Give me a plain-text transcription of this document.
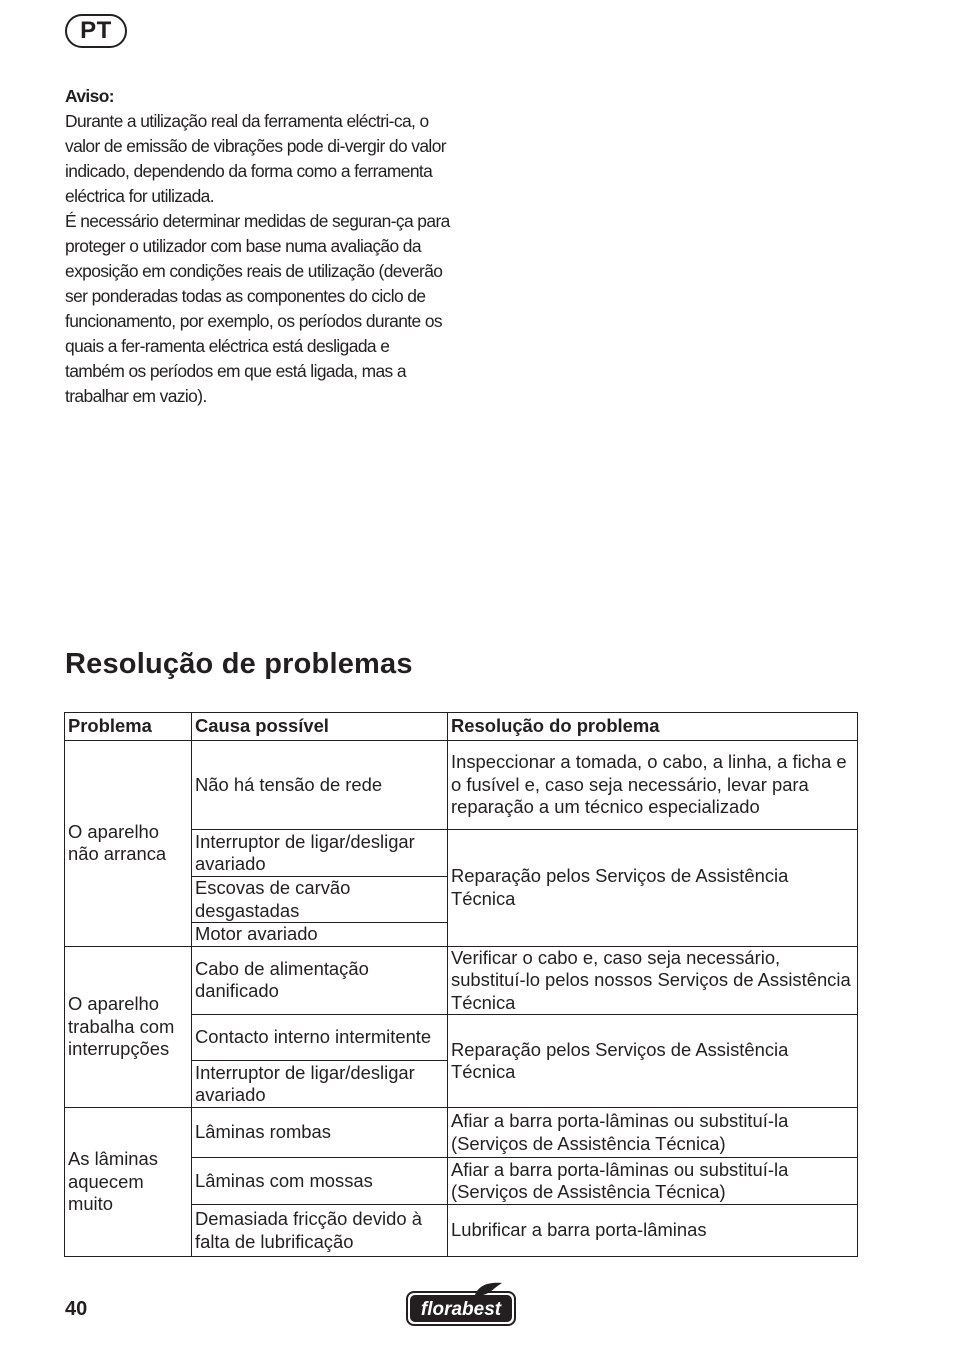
PT
Aviso:

Durante a utilização real da ferramenta eléctri-ca, o valor de emissão de vibrações pode di-vergir do valor indicado, dependendo da forma como a ferramenta eléctrica for utilizada.

É necessário determinar medidas de seguran-ça para proteger o utilizador com base numa avaliação da exposição em condições reais de utilização (deverão ser ponderadas todas as componentes do ciclo de funcionamento, por exemplo, os períodos durante os quais a fer-ramenta eléctrica está desligada e também os períodos em que está ligada, mas a trabalhar em vazio).

Resolução de problemas
Problema	Causa possível	Resolução do problema
O aparelho não arranca	Não há tensão de rede	Inspeccionar a tomada, o cabo, a linha, a ficha e o fusível e, caso seja necessário, levar para reparação a um técnico especializado
	Interruptor de ligar/desligar avariado	Reparação pelos Serviços de Assistência Técnica
	Escovas de carvão desgastadas	
	Motor avariado	
O aparelho trabalha com interrupções	Cabo de alimentação danificado	Verificar o cabo e, caso seja necessário, substituí-lo pelos nossos Serviços de Assistência Técnica
	Contacto interno intermitente	Reparação pelos Serviços de Assistência Técnica
	Interruptor de ligar/desligar avariado	
As lâminas aquecem muito	Lâminas rombas	Afiar a barra porta-lâminas ou substituí-la (Serviços de Assistência Técnica)
	Lâminas com mossas	Afiar a barra porta-lâminas ou substituí-la (Serviços de Assistência Técnica)
	Demasiada fricção devido à falta de lubrificação	Lubrificar a barra porta-lâminas
40	florabest
